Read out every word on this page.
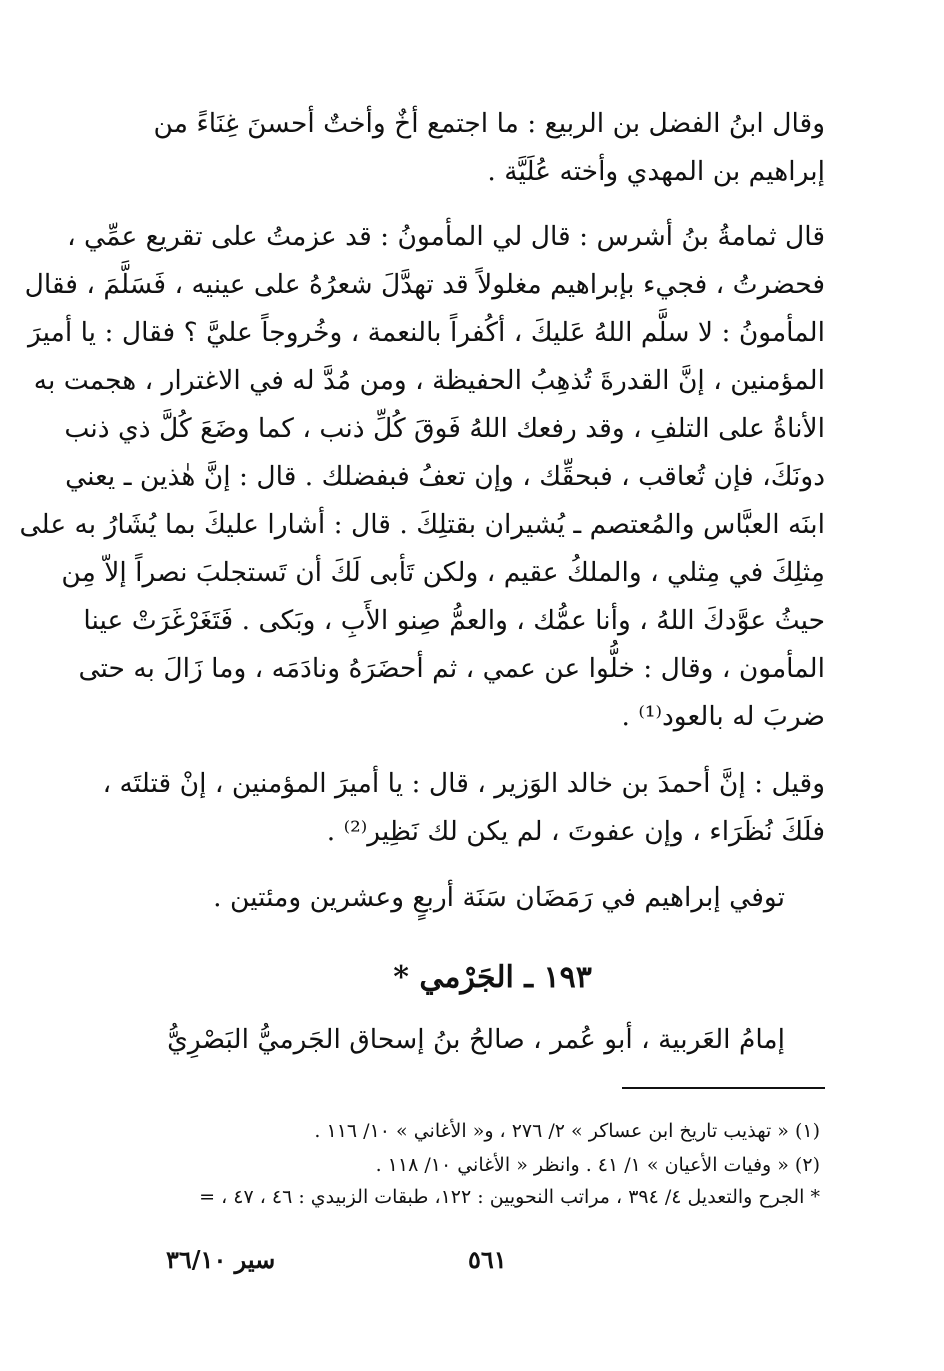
وقال ابنُ الفضل بن الربيع : ما اجتمع أخٌ وأختٌ أحسنَ غِنَاءً من
إبراهيم بن المهدي وأخته عُلَيَّة .
قال ثمامةُ بنُ أشرس : قال لي المأمونُ : قد عزمتُ على تقريع عمِّي ،
فحضرتُ ، فجيء بإبراهيم مغلولاً قد تهدَّلَ شعرُهُ على عينيه ، فَسَلَّمَ ، فقال
المأمونُ : لا سلَّم اللهُ عَليكَ ، أكُفراً بالنعمة ، وخُروجاً عليَّ ؟ فقال : يا أميرَ
المؤمنين ، إنَّ القدرةَ تُذهِبُ الحفيظة ، ومن مُدَّ له في الاغترار ، هجمت به
الأناةُ على التلفِ ، وقد رفعك اللهُ فَوقَ كُلِّ ذنب ، كما وضَعَ كُلَّ ذي ذنب
دونَكَ، فإن تُعاقب ، فبحقِّك ، وإن تعفُ فبفضلك . قال : إنَّ هٰذين ـ يعني
ابنَه العبَّاس والمُعتصم ـ يُشيران بقتلِكَ . قال : أشارا عليكَ بما يُشَارُ به على
مِثلِكَ في مِثلي ، والملكُ عقيم ، ولكن تَأبى لَكَ أن تَستجلبَ نصراً إلاّ مِن
حيثُ عوَّدكَ اللهُ ، وأنا عمُّك ، والعمُّ صِنو الأَبِ ، وبَكى . فَتَغَرْغَرَتْ عينا
المأمون ، وقال : خلُّوا عن عمي ، ثم أحضَرَهُ ونادَمَه ، وما زَالَ به حتى
ضربَ له بالعود⁽¹⁾ .
وقيل : إنَّ أحمدَ بن خالد الوَزير ، قال : يا أميرَ المؤمنين ، إنْ قتلتَه ،
فلَكَ نُظَرَاء ، وإن عفوتَ ، لم يكن لك نَظِير⁽²⁾ .
توفي إبراهيم في رَمَضَان سَنَة أربعٍ وعشرين ومئتين .
١٩٣ ـ الجَرْمي *
إمامُ العَربية ، أبو عُمر ، صالحُ بنُ إسحاق الجَرميُّ البَصْرِيُّ
(١) « تهذيب تاريخ ابن عساكر » ٢/ ٢٧٦ ، و« الأغاني » ١٠/ ١١٦ .
(٢) « وفيات الأعيان » ١/ ٤١ . وانظر « الأغاني ١٠/ ١١٨ .
* الجرح والتعديل ٤/ ٣٩٤ ، مراتب النحويين : ١٢٢، طبقات الزبيدي : ٤٦ ، ٤٧ ، =
٥٦١
سير ٣٦/١٠
